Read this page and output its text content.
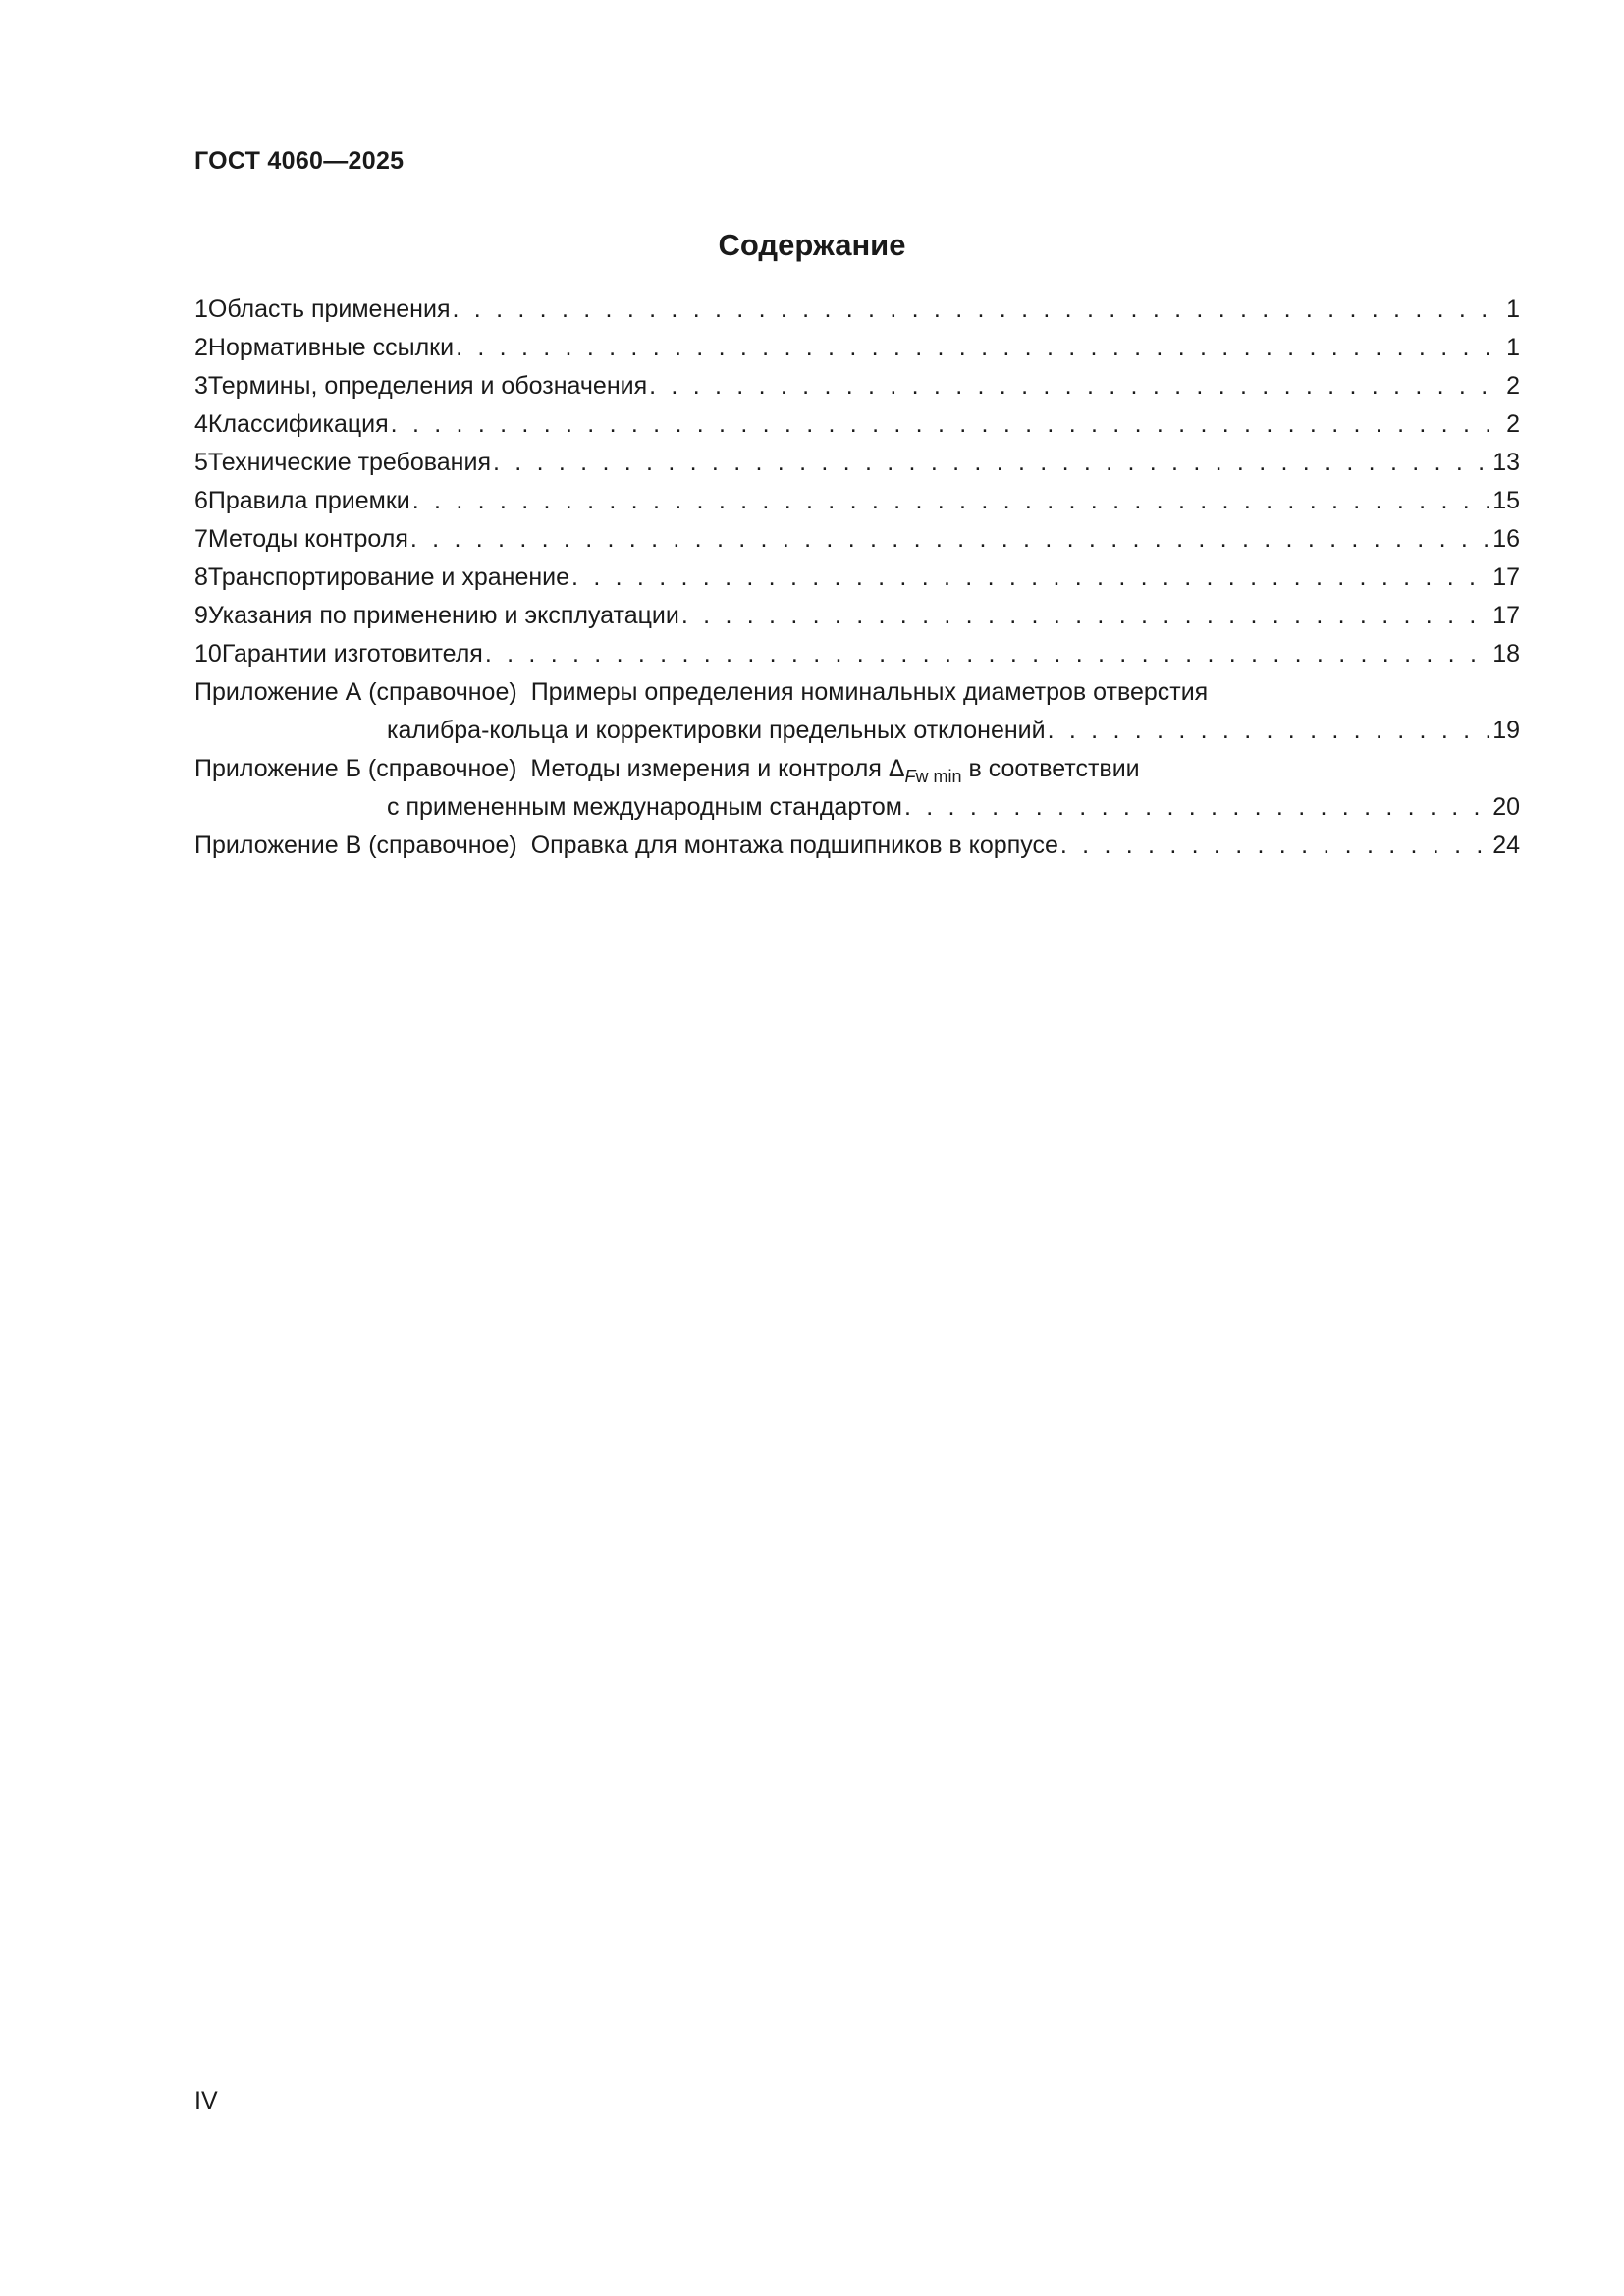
ГОСТ 4060—2025
Содержание
1 Область применения . . .	1
2 Нормативные ссылки . . .	1
3 Термины, определения и обозначения . . .	2
4 Классификация . . .	2
5 Технические требования . . .	13
6 Правила приемки . . .	15
7 Методы контроля . . .	16
8 Транспортирование и хранение . . .	17
9 Указания по применению и эксплуатации . . .	17
10 Гарантии изготовителя . . .	18
Приложение А (справочное) Примеры определения номинальных диаметров отверстия
калибра-кольца и корректировки предельных отклонений . . .	19
Приложение Б (справочное) Методы измерения и контроля $\Delta_{Fw min}$ в соответствии
с примененным международным стандартом . . .	20
Приложение В (справочное) Оправка для монтажа подшипников в корпусе . . .	24
IV
